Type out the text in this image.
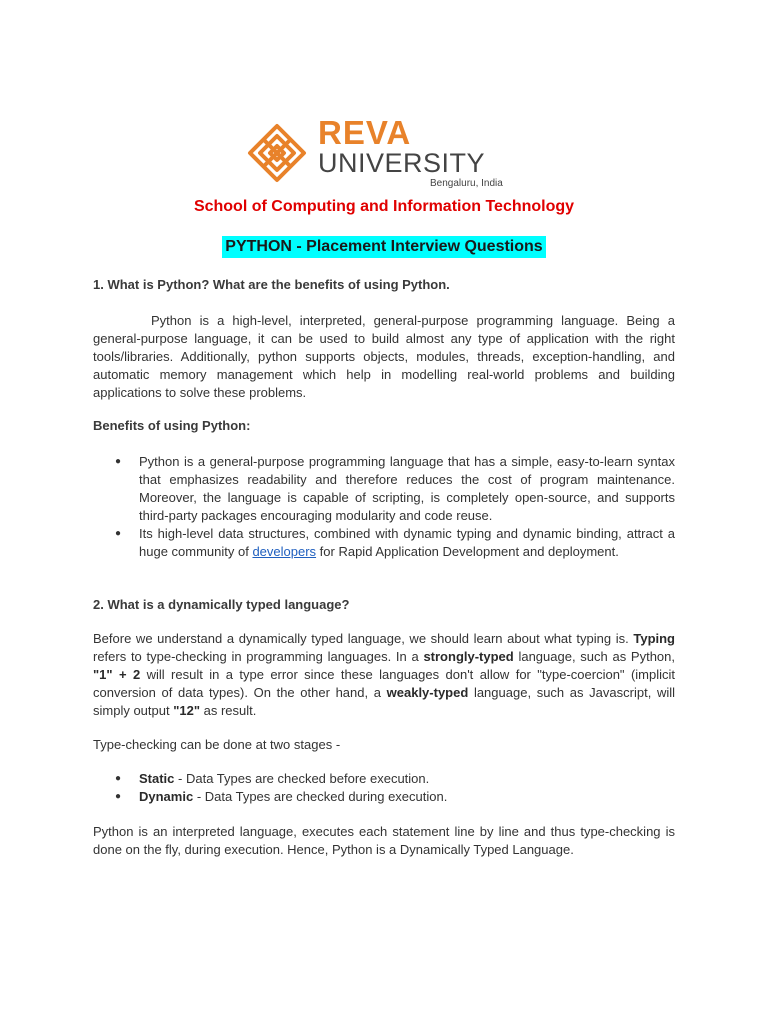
REVA
UNIVERSITY
Bengaluru, India
School of Computing and Information Technology
PYTHON - Placement Interview Questions
1. What is Python? What are the benefits of using Python.
Python is a high-level, interpreted, general-purpose programming language. Being a general-purpose language, it can be used to build almost any type of application with the right tools/libraries. Additionally, python supports objects, modules, threads, exception-handling, and automatic memory management which help in modelling real-world problems and building applications to solve these problems.
Benefits of using Python:
● Python is a general-purpose programming language that has a simple, easy-to-learn syntax that emphasizes readability and therefore reduces the cost of program maintenance. Moreover, the language is capable of scripting, is completely open-source, and supports third-party packages encouraging modularity and code reuse.
● Its high-level data structures, combined with dynamic typing and dynamic binding, attract a huge community of developers for Rapid Application Development and deployment.
2. What is a dynamically typed language?
Before we understand a dynamically typed language, we should learn about what typing is. Typing refers to type-checking in programming languages. In a strongly-typed language, such as Python, "1" + 2 will result in a type error since these languages don't allow for "type-coercion" (implicit conversion of data types). On the other hand, a weakly-typed language, such as Javascript, will simply output "12" as result.
Type-checking can be done at two stages -
● Static - Data Types are checked before execution.
● Dynamic - Data Types are checked during execution.
Python is an interpreted language, executes each statement line by line and thus type-checking is done on the fly, during execution. Hence, Python is a Dynamically Typed Language.
